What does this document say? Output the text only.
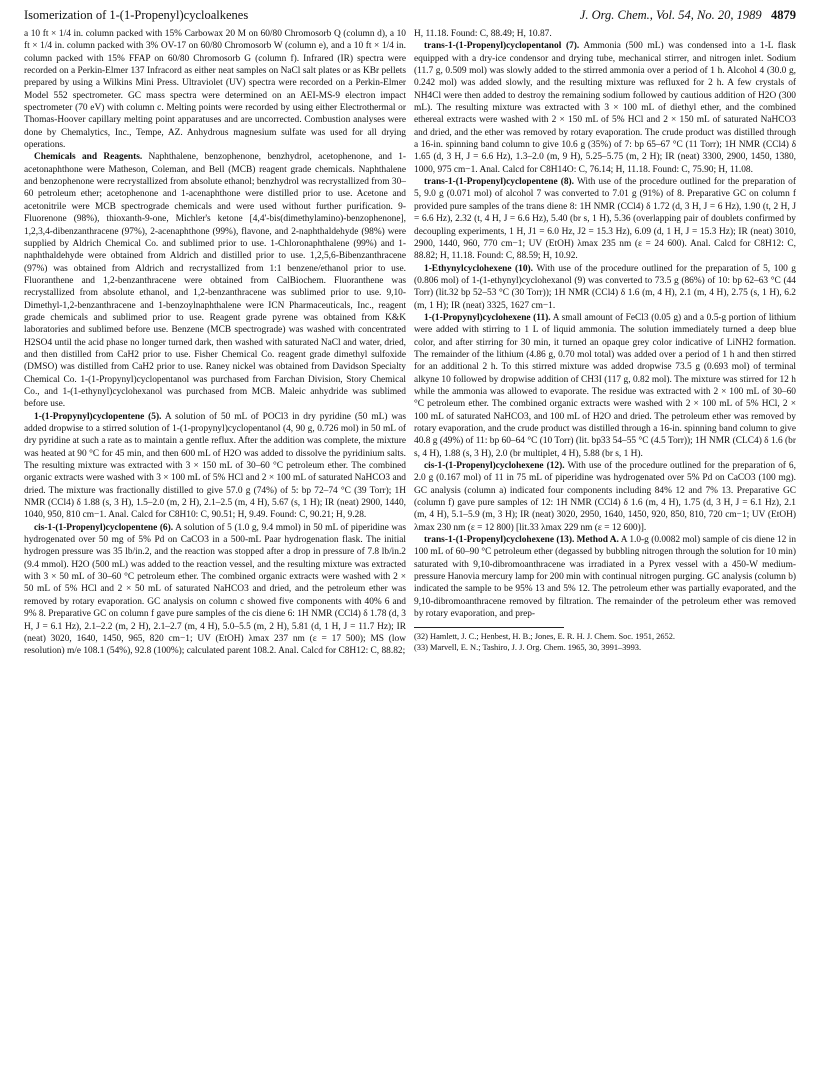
Isomerization of 1-(1-Propenyl)cycloalkenes	J. Org. Chem., Vol. 54, No. 20, 1989 4879

a 10 ft × 1/4 in. column packed with 15% Carbowax 20 M on 60/80 Chromosorb Q (column d), a 10 ft × 1/4 in. column packed with 3% OV-17 on 60/80 Chromosorb W (column e), and a 10 ft × 1/4 in. column packed with 15% FFAP on 60/80 Chromosorb G (column f). Infrared (IR) spectra were recorded on a Perkin-Elmer 137 Infracord as either neat samples on NaCl salt plates or as KBr pellets prepared by using a Wilkins Mini Press. Ultraviolet (UV) spectra were recorded on a Perkin-Elmer Model 552 spectrometer. GC mass spectra were determined on an AEI-MS-9 electron impact spectrometer (70 eV) with column c. Melting points were recorded by using either Electrothermal or Thomas-Hoover capillary melting point apparatuses and are uncorrected. Combustion analyses were done by Chemalytics, Inc., Tempe, AZ. Anhydrous magnesium sulfate was used for all drying operations.

Chemicals and Reagents. Naphthalene, benzophenone, benzhydrol, acetophenone, and 1-acetonaphthone were Matheson, Coleman, and Bell (MCB) reagent grade chemicals. Naphthalene and benzophenone were recrystallized from absolute ethanol; benzhydrol was recrystallized from 30–60 petroleum ether; acetophenone and 1-acenaphthone were distilled prior to use. Acetone and acetonitrile were MCB spectrograde chemicals and were used without further purification. 9-Fluorenone (98%), thioxanth-9-one, Michler's ketone [4,4'-bis(dimethylamino)-benzophenone], 1,2,3,4-dibenzanthracene (97%), 2-acenaphthone (99%), flavone, and 2-naphthaldehyde (98%) were supplied by Aldrich Chemical Co. and sublimed prior to use. 1-Chloronaphthalene (99%) and 1-naphthaldehyde were obtained from Aldrich and distilled prior to use. 1,2,5,6-Bibenzanthracene (97%) was obtained from Aldrich and recrystallized from 1:1 benzene/ethanol prior to use. Fluoranthene and 1,2-benzanthracene were obtained from CalBiochem. Fluoranthene was recrystallized from absolute ethanol, and 1,2-benzanthracene was sublimed prior to use. 9,10-Dimethyl-1,2-benzanthracene and 1-benzoylnaphthalene were ICN Pharmaceuticals, Inc., reagent grade chemicals and sublimed prior to use. Reagent grade pyrene was obtained from K&K laboratories and sublimed before use. Benzene (MCB spectrograde) was washed with concentrated H2SO4 until the acid phase no longer turned dark, then washed with saturated NaCl and water, dried, and then distilled from CaH2 prior to use. Fisher Chemical Co. reagent grade dimethyl sulfoxide (DMSO) was distilled from CaH2 prior to use. Raney nickel was obtained from Davidson Specialty Chemical Co. 1-(1-Propynyl)cyclopentanol was purchased from Farchan Division, Story Chemical Co., and 1-(1-ethynyl)cyclohexanol was purchased from MCB. Maleic anhydride was sublimed before use.

1-(1-Propynyl)cyclopentene (5). A solution of 50 mL of POCl3 in dry pyridine (50 mL) was added dropwise to a stirred solution of 1-(1-propynyl)cyclopentanol (4, 90 g, 0.726 mol) in 50 mL of dry pyridine at such a rate as to maintain a gentle reflux. After the addition was complete, the mixture was heated at 90 °C for 45 min, and then 600 mL of H2O was added to dissolve the pyridinium salts. The resulting mixture was extracted with 3 × 150 mL of 30–60 °C petroleum ether. The combined organic extracts were washed with 3 × 100 mL of 5% HCl and 2 × 100 mL of saturated NaHCO3 and dried. The mixture was fractionally distilled to give 57.0 g (74%) of 5: bp 72–74 °C (39 Torr); 1H NMR (CCl4) δ 1.88 (s, 3 H), 1.5–2.0 (m, 2 H), 2.1–2.5 (m, 4 H), 5.67 (s, 1 H); IR (neat) 2900, 1440, 1040, 950, 810 cm−1. Anal. Calcd for C8H10: C, 90.51; H, 9.49. Found: C, 90.21; H, 9.28.

cis-1-(1-Propenyl)cyclopentene (6). A solution of 5 (1.0 g, 9.4 mmol) in 50 mL of piperidine was hydrogenated over 50 mg of 5% Pd on CaCO3 in a 500-mL Paar hydrogenation flask. The initial hydrogen pressure was 35 lb/in.2, and the reaction was stopped after a drop in pressure of 7.8 lb/in.2 (9.4 mmol). H2O (500 mL) was added to the reaction vessel, and the resulting mixture was extracted with 3 × 50 mL of 30–60 °C petroleum ether. The combined organic extracts were washed with 2 × 50 mL of 5% HCl and 2 × 50 mL of saturated NaHCO3 and dried, and the petroleum ether was removed by rotary evaporation. GC analysis on column c showed five components with 40% 6 and 9% 8. Preparative GC on column f gave pure samples of the cis diene 6: 1H NMR (CCl4) δ 1.78 (d, 3 H, J = 6.1 Hz), 2.1–2.2 (m, 2 H), 2.1–2.7 (m, 4 H), 5.0–5.5 (m, 2 H), 5.81 (d, 1 H, J = 11.7 Hz); IR (neat) 3020, 1640, 1450, 965, 820 cm−1; UV (EtOH) λmax 237 nm (ε = 17 500); MS (low resolution) m/e 108.1 (54%), 92.8 (100%); calculated parent 108.2. Anal. Calcd for C8H12: C, 88.82;

H, 11.18. Found: C, 88.49; H, 10.87.

trans-1-(1-Propenyl)cyclopentanol (7). Ammonia (500 mL) was condensed into a 1-L flask equipped with a dry-ice condensor and drying tube, mechanical stirrer, and nitrogen inlet. Sodium (11.7 g, 0.509 mol) was slowly added to the stirred ammonia over a period of 1 h. Alcohol 4 (30.0 g, 0.242 mol) was added slowly, and the resulting mixture was refluxed for 2 h. A few crystals of NH4Cl were then added to destroy the remaining sodium followed by cautious addition of H2O (300 mL). The resulting mixture was extracted with 3 × 100 mL of diethyl ether, and the combined ethereal extracts were washed with 2 × 150 mL of 5% HCl and 2 × 150 mL of saturated NaHCO3 and dried, and the ether was removed by rotary evaporation. The crude product was distilled through a 16-in. spinning band column to give 10.6 g (35%) of 7: bp 65–67 °C (11 Torr); 1H NMR (CCl4) δ 1.65 (d, 3 H, J = 6.6 Hz), 1.3–2.0 (m, 9 H), 5.25–5.75 (m, 2 H); IR (neat) 3300, 2900, 1450, 1380, 1000, 975 cm−1. Anal. Calcd for C8H14O: C, 76.14; H, 11.18. Found: C, 75.90; H, 11.08.

trans-1-(1-Propenyl)cyclopentene (8). With use of the procedure outlined for the preparation of 5, 9.0 g (0.071 mol) of alcohol 7 was converted to 7.01 g (91%) of 8. Preparative GC on column f provided pure samples of the trans diene 8: 1H NMR (CCl4) δ 1.72 (d, 3 H, J = 6 Hz), 1.90 (t, 2 H, J = 6.6 Hz), 2.32 (t, 4 H, J = 6.6 Hz), 5.40 (br s, 1 H), 5.36 (overlapping pair of doublets confirmed by decoupling experiments, 1 H, J1 = 6.0 Hz, J2 = 15.3 Hz), 6.09 (d, 1 H, J = 15.3 Hz); IR (neat) 3010, 2900, 1440, 960, 770 cm−1; UV (EtOH) λmax 235 nm (ε = 24 600). Anal. Calcd for C8H12: C, 88.82; H, 11.18. Found: C, 88.59; H, 10.92.

1-Ethynylcyclohexene (10). With use of the procedure outlined for the preparation of 5, 100 g (0.806 mol) of 1-(1-ethynyl)cyclohexanol (9) was converted to 73.5 g (86%) of 10: bp 62–63 °C (44 Torr) (lit.32 bp 52–53 °C (30 Torr)); 1H NMR (CCl4) δ 1.6 (m, 4 H), 2.1 (m, 4 H), 2.75 (s, 1 H), 6.2 (m, 1 H); IR (neat) 3325, 1627 cm−1.

1-(1-Propynyl)cyclohexene (11). A small amount of FeCl3 (0.05 g) and a 0.5-g portion of lithium were added with stirring to 1 L of liquid ammonia. The solution immediately turned a deep blue color, and after stirring for 30 min, it turned an opaque grey color indicative of LiNH2 formation. The remainder of the lithium (4.86 g, 0.70 mol total) was added over a period of 1 h and then stirred for an additional 2 h. To this stirred mixture was added dropwise 73.5 g (0.693 mol) of terminal alkyne 10 followed by dropwise addition of CH3I (117 g, 0.82 mol). The mixture was stirred for 12 h while the ammonia was allowed to evaporate. The residue was extracted with 2 × 100 mL of 30–60 °C petroleum ether. The combined organic extracts were washed with 2 × 100 mL of 5% HCl, 2 × 100 mL of saturated NaHCO3, and 100 mL of H2O and dried. The petroleum ether was removed by rotary evaporation, and the crude product was distilled through a 16-in. spinning band column to give 40.8 g (49%) of 11: bp 60–64 °C (10 Torr) (lit. bp33 54–55 °C (4.5 Torr)); 1H NMR (CLC4) δ 1.6 (br s, 4 H), 1.88 (s, 3 H), 2.0 (br multiplet, 4 H), 5.88 (br s, 1 H).

cis-1-(1-Propenyl)cyclohexene (12). With use of the procedure outlined for the preparation of 6, 2.0 g (0.167 mol) of 11 in 75 mL of piperidine was hydrogenated over 5% Pd on CaCO3 (100 mg). GC analysis (column a) indicated four components including 84% 12 and 7% 13. Preparative GC (column f) gave pure samples of 12: 1H NMR (CCl4) δ 1.6 (m, 4 H), 1.75 (d, 3 H, J = 6.1 Hz), 2.1 (m, 4 H), 5.1–5.9 (m, 3 H); IR (neat) 3020, 2950, 1640, 1450, 920, 850, 810, 720 cm−1; UV (EtOH) λmax 230 nm (ε = 12 800) [lit.33 λmax 229 nm (ε = 12 600)].

trans-1-(1-Propenyl)cyclohexene (13). Method A. A 1.0-g (0.0082 mol) sample of cis diene 12 in 100 mL of 60–90 °C petroleum ether (degassed by bubbling nitrogen through the solution for 10 min) saturated with 9,10-dibromoanthracene was irradiated in a Pyrex vessel with a 450-W medium-pressure Hanovia mercury lamp for 200 min with continual nitrogen purging. GC analysis (column b) indicated the sample to be 95% 13 and 5% 12. The petroleum ether was partially evaporated, and the 9,10-dibromoanthracene removed by filtration. The remainder of the petroleum ether was removed by rotary evaporation, and prep-

(32) Hamlett, J. C.; Henbest, H. B.; Jones, E. R. H. J. Chem. Soc. 1951, 2652.
(33) Marvell, E. N.; Tashiro, J. J. Org. Chem. 1965, 30, 3991–3993.
